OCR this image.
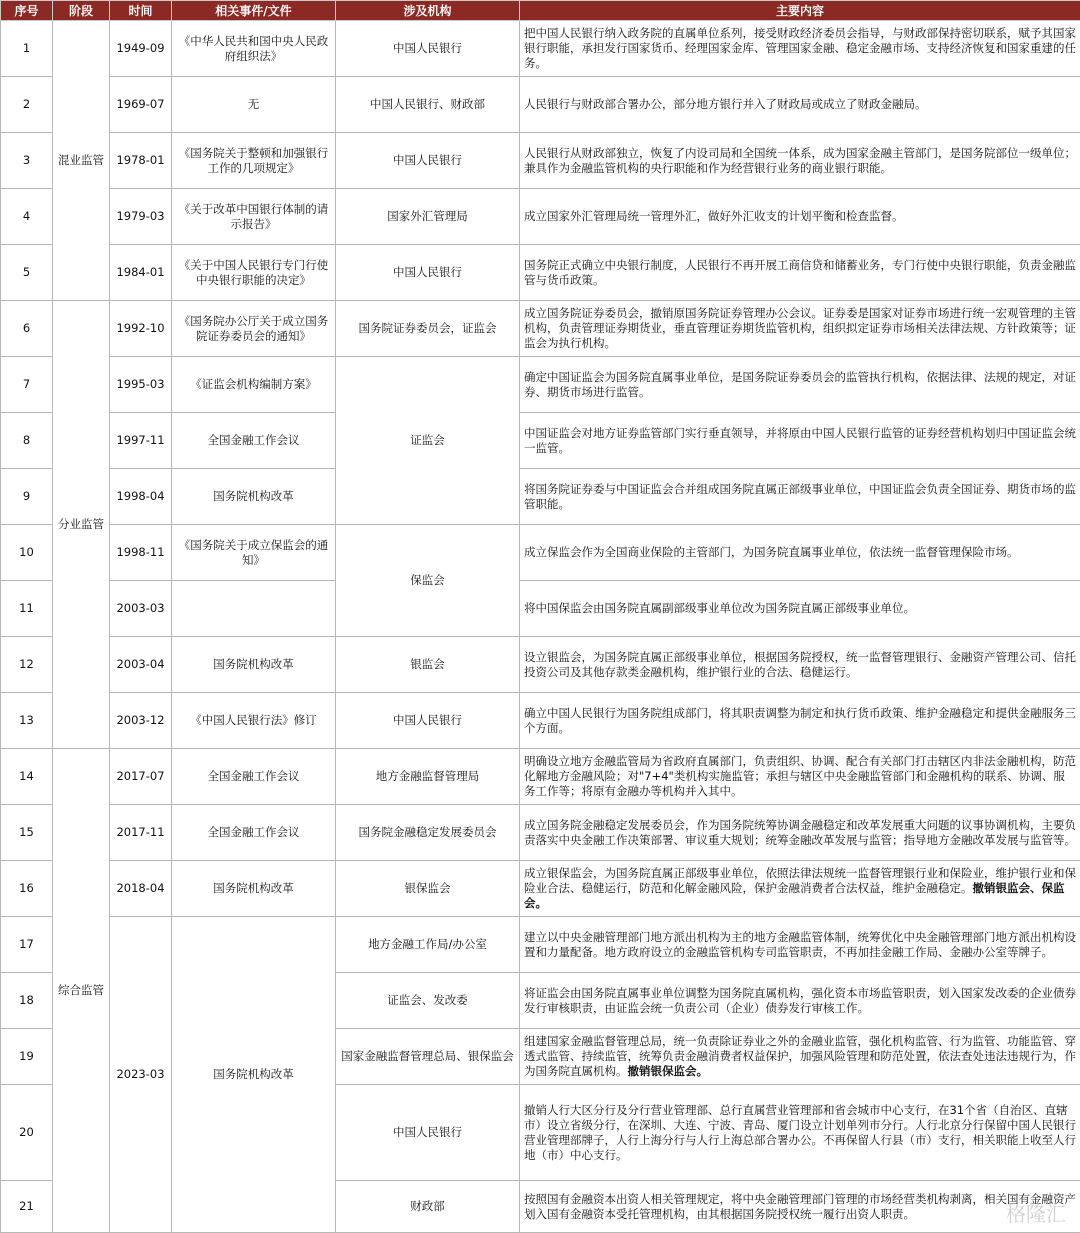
序号	阶段	时间	相关事件/文件	涉及机构	主要内容
1	混业监管	1949-09	《中华人民共和国中央人民政府组织法》	中国人民银行	把中国人民银行纳入政务院的直属单位系列，接受财政经济委员会指导，与财政部保持密切联系，赋予其国家银行职能，承担发行国家货币、经理国家金库、管理国家金融、稳定金融市场、支持经济恢复和国家重建的任务。
2		1969-07	无	中国人民银行、财政部	人民银行与财政部合署办公，部分地方银行并入了财政局或成立了财政金融局。
3		1978-01	《国务院关于整顿和加强银行工作的几项规定》	中国人民银行	人民银行从财政部独立，恢复了内设司局和全国统一体系，成为国家金融主管部门，是国务院部位一级单位；兼具作为金融监管机构的央行职能和作为经营银行业务的商业银行职能。
4		1979-03	《关于改革中国银行体制的请示报告》	国家外汇管理局	成立国家外汇管理局统一管理外汇，做好外汇收支的计划平衡和检查监督。
5		1984-01	《关于中国人民银行专门行使中央银行职能的决定》	中国人民银行	国务院正式确立中央银行制度，人民银行不再开展工商信贷和储蓄业务，专门行使中央银行职能，负责金融监管与货币政策。
6	分业监管	1992-10	《国务院办公厅关于成立国务院证券委员会的通知》	国务院证券委员会，证监会	成立国务院证券委员会，撤销原国务院证券管理办公会议。证券委是国家对证券市场进行统一宏观管理的主管机构，负责管理证券期货业，垂直管理证券期货监管机构，组织拟定证券市场相关法律法规、方针政策等；证监会为执行机构。
7		1995-03	《证监会机构编制方案》	证监会	确定中国证监会为国务院直属事业单位，是国务院证券委员会的监管执行机构，依据法律、法规的规定，对证券、期货市场进行监管。
8		1997-11	全国金融工作会议		中国证监会对地方证券监管部门实行垂直领导，并将原由中国人民银行监管的证券经营机构划归中国证监会统一监管。
9		1998-04	国务院机构改革		将国务院证券委与中国证监会合并组成国务院直属正部级事业单位，中国证监会负责全国证券、期货市场的监管职能。
10		1998-11	《国务院关于成立保监会的通知》	保监会	成立保监会作为全国商业保险的主管部门，为国务院直属事业单位，依法统一监督管理保险市场。
11		2003-03			将中国保监会由国务院直属副部级事业单位改为国务院直属正部级事业单位。
12		2003-04	国务院机构改革	银监会	设立银监会，为国务院直属正部级事业单位，根据国务院授权，统一监督管理银行、金融资产管理公司、信托投资公司及其他存款类金融机构，维护银行业的合法、稳健运行。
13		2003-12	《中国人民银行法》修订	中国人民银行	确立中国人民银行为国务院组成部门，将其职责调整为制定和执行货币政策、维护金融稳定和提供金融服务三个方面。
14	综合监管	2017-07	全国金融工作会议	地方金融监督管理局	明确设立地方金融监管局为省政府直属部门，负责组织、协调、配合有关部门打击辖区内非法金融机构，防范化解地方金融风险；对"7+4"类机构实施监管；承担与辖区中央金融监管部门和金融机构的联系、协调、服务工作等；将原有金融办等机构并入其中。
15		2017-11	全国金融工作会议	国务院金融稳定发展委员会	成立国务院金融稳定发展委员会，作为国务院统筹协调金融稳定和改革发展重大问题的议事协调机构，主要负责落实中央金融工作决策部署、审议重大规划；统筹金融改革发展与监管；指导地方金融改革发展与监管等。
16		2018-04	国务院机构改革	银保监会	成立银保监会，为国务院直属正部级事业单位，依照法律法规统一监督管理银行业和保险业，维护银行业和保险业合法、稳健运行，防范和化解金融风险，保护金融消费者合法权益，维护金融稳定。撤销银监会、保监会。
17		2023-03	国务院机构改革	地方金融工作局/办公室	建立以中央金融管理部门地方派出机构为主的地方金融监管体制，统筹优化中央金融管理部门地方派出机构设置和力量配备。地方政府设立的金融监管机构专司监管职责，不再加挂金融工作局、金融办公室等牌子。
18				证监会、发改委	将证监会由国务院直属事业单位调整为国务院直属机构，强化资本市场监管职责，划入国家发改委的企业债券发行审核职责，由证监会统一负责公司（企业）债券发行审核工作。
19				国家金融监督管理总局、银保监会	组建国家金融监督管理总局，统一负责除证券业之外的金融业监管，强化机构监管、行为监管、功能监管、穿透式监管、持续监管，统筹负责金融消费者权益保护，加强风险管理和防范处置，依法查处违法违规行为，作为国务院直属机构。撤销银保监会。
20				中国人民银行	撤销人行大区分行及分行营业管理部、总行直属营业管理部和省会城市中心支行，在31个省（自治区、直辖市）设立省级分行，在深圳、大连、宁波、青岛、厦门设立计划单列市分行。人行北京分行保留中国人民银行营业管理部牌子，人行上海分行与人行上海总部合署办公。不再保留人行县（市）支行，相关职能上收至人行地（市）中心支行。
21				财政部	按照国有金融资本出资人相关管理规定，将中央金融管理部门管理的市场经营类机构剥离，相关国有金融资产划入国有金融资本受托管理机构，由其根据国务院授权统一履行出资人职责。	格隆汇
